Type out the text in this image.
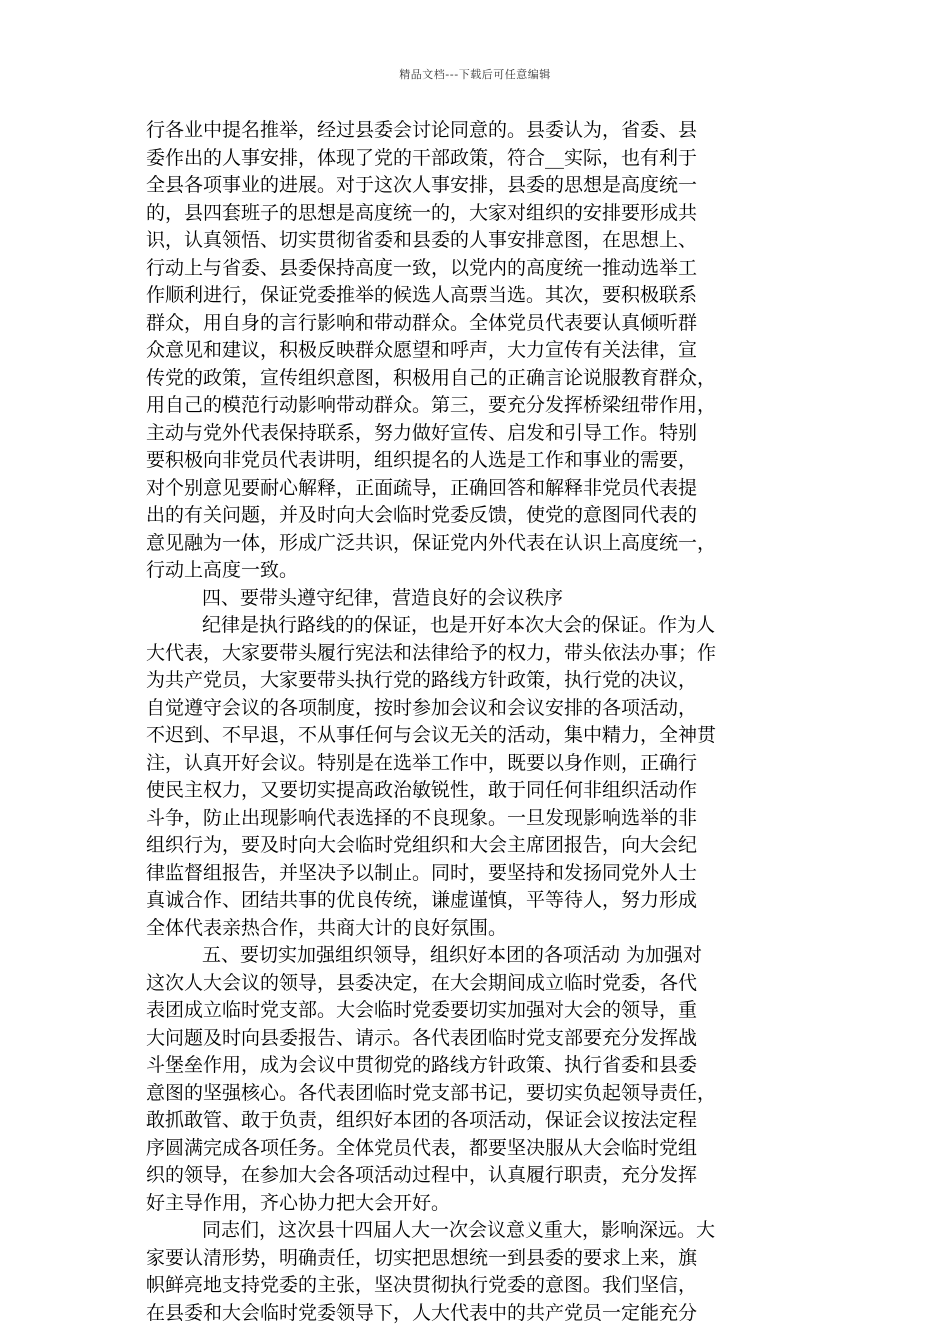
精品文档---下载后可任意编辑
行各业中提名推举，经过县委会讨论同意的。县委认为，省委、县
委作出的人事安排，体现了党的干部政策，符合__实际，也有利于
全县各项事业的进展。对于这次人事安排，县委的思想是高度统一
的，县四套班子的思想是高度统一的，大家对组织的安排要形成共
识，认真领悟、切实贯彻省委和县委的人事安排意图，在思想上、
行动上与省委、县委保持高度一致，以党内的高度统一推动选举工
作顺利进行，保证党委推举的候选人高票当选。其次，要积极联系
群众，用自身的言行影响和带动群众。全体党员代表要认真倾听群
众意见和建议，积极反映群众愿望和呼声，大力宣传有关法律，宣
传党的政策，宣传组织意图，积极用自己的正确言论说服教育群众，
用自己的模范行动影响带动群众。第三，要充分发挥桥梁纽带作用，
主动与党外代表保持联系，努力做好宣传、启发和引导工作。特别
要积极向非党员代表讲明，组织提名的人选是工作和事业的需要，
对个别意见要耐心解释，正面疏导，正确回答和解释非党员代表提
出的有关问题，并及时向大会临时党委反馈，使党的意图同代表的
意见融为一体，形成广泛共识，保证党内外代表在认识上高度统一，
行动上高度一致。
四、要带头遵守纪律，营造良好的会议秩序
纪律是执行路线的的保证，也是开好本次大会的保证。作为人
大代表，大家要带头履行宪法和法律给予的权力，带头依法办事；作
为共产党员，大家要带头执行党的路线方针政策，执行党的决议，
自觉遵守会议的各项制度，按时参加会议和会议安排的各项活动，
不迟到、不早退，不从事任何与会议无关的活动，集中精力，全神贯
注，认真开好会议。特别是在选举工作中，既要以身作则，正确行
使民主权力，又要切实提高政治敏锐性，敢于同任何非组织活动作
斗争，防止出现影响代表选择的不良现象。一旦发现影响选举的非
组织行为，要及时向大会临时党组织和大会主席团报告，向大会纪
律监督组报告，并坚决予以制止。同时，要坚持和发扬同党外人士
真诚合作、团结共事的优良传统，谦虚谨慎，平等待人，努力形成
全体代表亲热合作，共商大计的良好氛围。
五、要切实加强组织领导，组织好本团的各项活动 为加强对
这次人大会议的领导，县委决定，在大会期间成立临时党委，各代
表团成立临时党支部。大会临时党委要切实加强对大会的领导，重
大问题及时向县委报告、请示。各代表团临时党支部要充分发挥战
斗堡垒作用，成为会议中贯彻党的路线方针政策、执行省委和县委
意图的坚强核心。各代表团临时党支部书记，要切实负起领导责任，
敢抓敢管、敢于负责，组织好本团的各项活动，保证会议按法定程
序圆满完成各项任务。全体党员代表，都要坚决服从大会临时党组
织的领导，在参加大会各项活动过程中，认真履行职责，充分发挥
好主导作用，齐心协力把大会开好。
同志们，这次县十四届人大一次会议意义重大，影响深远。大
家要认清形势，明确责任，切实把思想统一到县委的要求上来，旗
帜鲜亮地支持党委的主张，坚决贯彻执行党委的意图。我们坚信，
在县委和大会临时党委领导下，人大代表中的共产党员一定能充分
